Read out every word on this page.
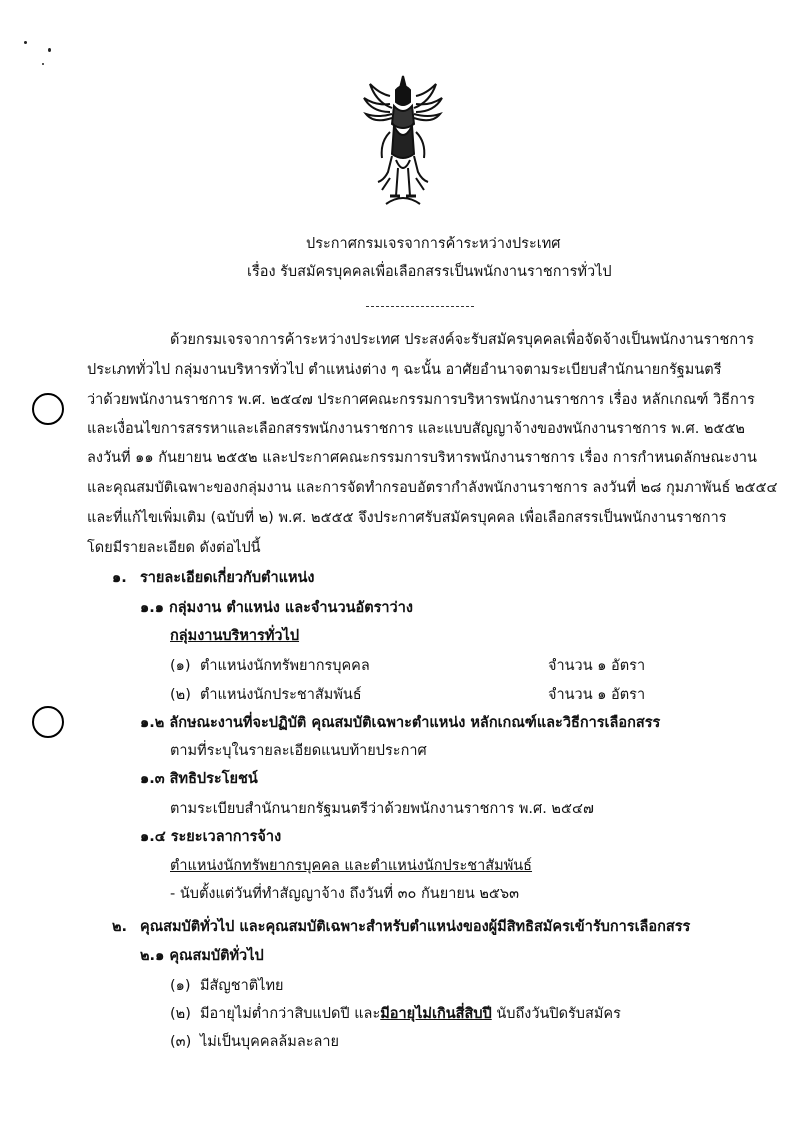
ประกาศกรมเจรจาการค้าระหว่างประเทศ
เรื่อง รับสมัครบุคคลเพื่อเลือกสรรเป็นพนักงานราชการทั่วไป
ด้วยกรมเจรจาการค้าระหว่างประเทศ ประสงค์จะรับสมัครบุคคลเพื่อจัดจ้างเป็นพนักงานราชการ
ประเภททั่วไป กลุ่มงานบริหารทั่วไป ตำแหน่งต่าง ๆ ฉะนั้น อาศัยอำนาจตามระเบียบสำนักนายกรัฐมนตรี
ว่าด้วยพนักงานราชการ พ.ศ. ๒๕๔๗ ประกาศคณะกรรมการบริหารพนักงานราชการ เรื่อง หลักเกณฑ์ วิธีการ
และเงื่อนไขการสรรหาและเลือกสรรพนักงานราชการ และแบบสัญญาจ้างของพนักงานราชการ พ.ศ. ๒๕๕๒
ลงวันที่ ๑๑ กันยายน ๒๕๕๒ และประกาศคณะกรรมการบริหารพนักงานราชการ เรื่อง การกำหนดลักษณะงาน
และคุณสมบัติเฉพาะของกลุ่มงาน และการจัดทำกรอบอัตรากำลังพนักงานราชการ ลงวันที่ ๒๘ กุมภาพันธ์ ๒๕๕๔
และที่แก้ไขเพิ่มเติม (ฉบับที่ ๒) พ.ศ. ๒๕๕๕ จึงประกาศรับสมัครบุคคล เพื่อเลือกสรรเป็นพนักงานราชการ
โดยมีรายละเอียด ดังต่อไปนี้
๑. รายละเอียดเกี่ยวกับตำแหน่ง
๑.๑ กลุ่มงาน ตำแหน่ง และจำนวนอัตราว่าง
กลุ่มงานบริหารทั่วไป
(๑) ตำแหน่งนักทรัพยากรบุคคล	จำนวน ๑ อัตรา
(๒) ตำแหน่งนักประชาสัมพันธ์	จำนวน ๑ อัตรา
๑.๒ ลักษณะงานที่จะปฏิบัติ คุณสมบัติเฉพาะตำแหน่ง หลักเกณฑ์และวิธีการเลือกสรร
ตามที่ระบุในรายละเอียดแนบท้ายประกาศ
๑.๓ สิทธิประโยชน์
ตามระเบียบสำนักนายกรัฐมนตรีว่าด้วยพนักงานราชการ พ.ศ. ๒๕๔๗
๑.๔ ระยะเวลาการจ้าง
ตำแหน่งนักทรัพยากรบุคคล และตำแหน่งนักประชาสัมพันธ์
- นับตั้งแต่วันที่ทำสัญญาจ้าง ถึงวันที่ ๓๐ กันยายน ๒๕๖๓
๒. คุณสมบัติทั่วไป และคุณสมบัติเฉพาะสำหรับตำแหน่งของผู้มีสิทธิสมัครเข้ารับการเลือกสรร
๒.๑ คุณสมบัติทั่วไป
(๑) มีสัญชาติไทย
(๒) มีอายุไม่ต่ำกว่าสิบแปดปี และมีอายุไม่เกินสี่สิบปี นับถึงวันปิดรับสมัคร
(๓) ไม่เป็นบุคคลล้มละลาย
